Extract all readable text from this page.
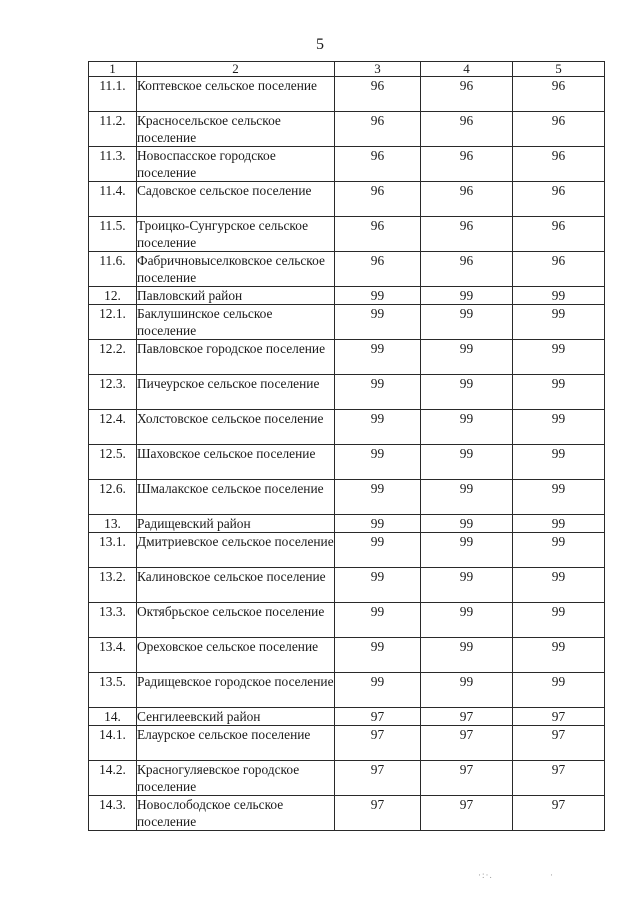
5
1	2	3	4	5
11.1.	Коптевское сельское поселение	96	96	96
11.2.	Красносельское сельское поселение	96	96	96
11.3.	Новоспасское городское поселение	96	96	96
11.4.	Садовское сельское поселение	96	96	96
11.5.	Троицко-Сунгурское сельское поселение	96	96	96
11.6.	Фабричновыселковское сельское поселение	96	96	96
12.	Павловский район	99	99	99
12.1.	Баклушинское сельское поселение	99	99	99
12.2.	Павловское городское поселение	99	99	99
12.3.	Пичеурское сельское поселение	99	99	99
12.4.	Холстовское сельское поселение	99	99	99
12.5.	Шаховское сельское поселение	99	99	99
12.6.	Шмалакское сельское поселение	99	99	99
13.	Радищевский район	99	99	99
13.1.	Дмитриевское сельское поселение	99	99	99
13.2.	Калиновское сельское поселение	99	99	99
13.3.	Октябрьское сельское поселение	99	99	99
13.4.	Ореховское сельское поселение	99	99	99
13.5.	Радищевское городское поселение	99	99	99
14.	Сенгилеевский район	97	97	97
14.1.	Елаурское сельское поселение	97	97	97
14.2.	Красногуляевское городское поселение	97	97	97
14.3.	Новослободское сельское поселение	97	97	97
·:·.	·
